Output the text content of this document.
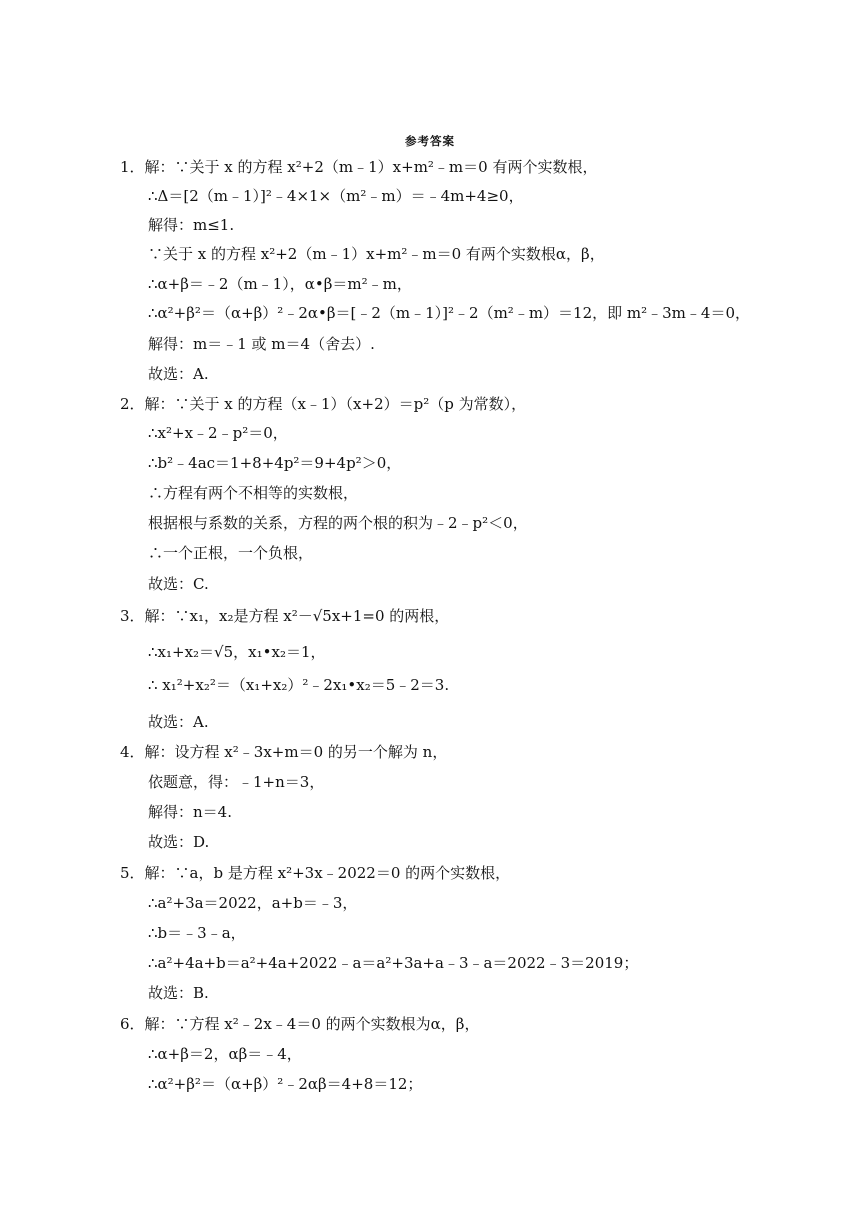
参考答案
1．解：∵关于 x 的方程 x²+2（m﹣1）x+m²﹣m＝0 有两个实数根，
∴Δ＝[2（m﹣1）]²﹣4×1×（m²﹣m）＝﹣4m+4≥0，
解得：m≤1.
∵关于 x 的方程 x²+2（m﹣1）x+m²﹣m＝0 有两个实数根α，β，
∴α+β＝﹣2（m﹣1），α•β＝m²﹣m，
∴α²+β²＝（α+β）²﹣2α•β＝[﹣2（m﹣1）]²﹣2（m²﹣m）＝12，即 m²﹣3m﹣4＝0，
解得：m＝﹣1 或 m＝4（舍去）.
故选：A.
2．解：∵关于 x 的方程（x﹣1）（x+2）＝p²（p 为常数），
∴x²+x﹣2﹣p²＝0，
∴b²﹣4ac＝1+8+4p²＝9+4p²＞0，
∴方程有两个不相等的实数根，
根据根与系数的关系，方程的两个根的积为﹣2﹣p²＜0，
∴一个正根，一个负根，
故选：C.
3．解：∵x₁，x₂是方程 x²－√5x+1=0 的两根，
∴x₁+x₂＝√5，x₁•x₂＝1，
∴ x₁²+x₂²＝（x₁+x₂）²﹣2x₁•x₂＝5﹣2＝3.
故选：A.
4．解：设方程 x²﹣3x+m＝0 的另一个解为 n，
依题意，得：﹣1+n＝3，
解得：n＝4.
故选：D.
5．解：∵a，b 是方程 x²+3x﹣2022＝0 的两个实数根，
∴a²+3a＝2022，a+b＝﹣3，
∴b＝﹣3﹣a，
∴a²+4a+b＝a²+4a+2022﹣a＝a²+3a+a﹣3﹣a＝2022﹣3＝2019；
故选：B.
6．解：∵方程 x²﹣2x﹣4＝0 的两个实数根为α，β，
∴α+β＝2，αβ＝﹣4，
∴α²+β²＝（α+β）²﹣2αβ＝4+8＝12；
